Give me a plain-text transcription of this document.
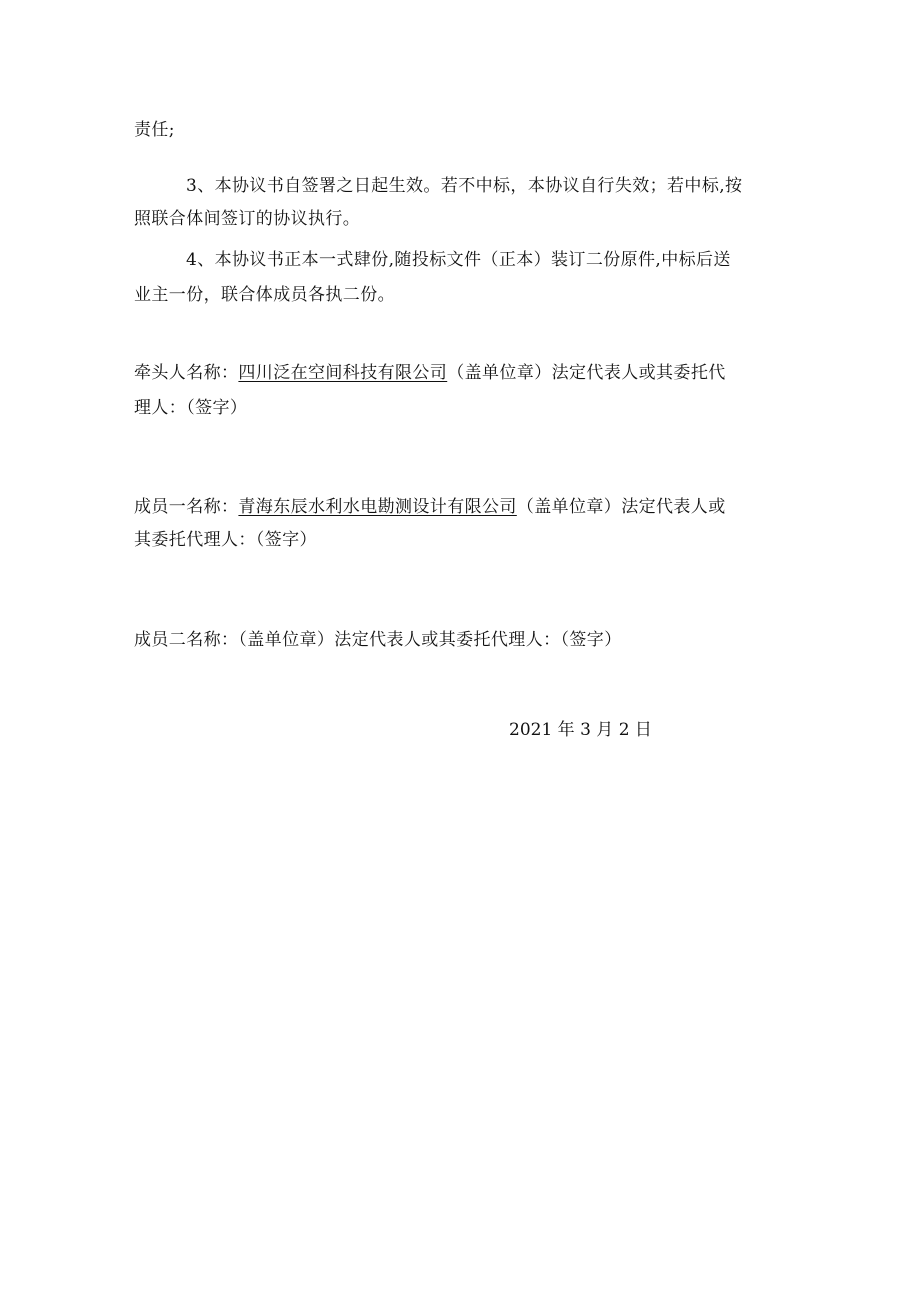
责任;
3、本协议书自签署之日起生效。若不中标，本协议自行失效；若中标,按
照联合体间签订的协议执行。
4、本协议书正本一式肆份,随投标文件（正本）装订二份原件,中标后送
业主一份，联合体成员各执二份。
牵头人名称：四川泛在空间科技有限公司（盖单位章）法定代表人或其委托代
理人：（签字）
成员一名称：青海东辰水利水电勘测设计有限公司（盖单位章）法定代表人或
其委托代理人：（签字）
成员二名称：（盖单位章）法定代表人或其委托代理人：（签字）
2021 年 3 月 2 日
